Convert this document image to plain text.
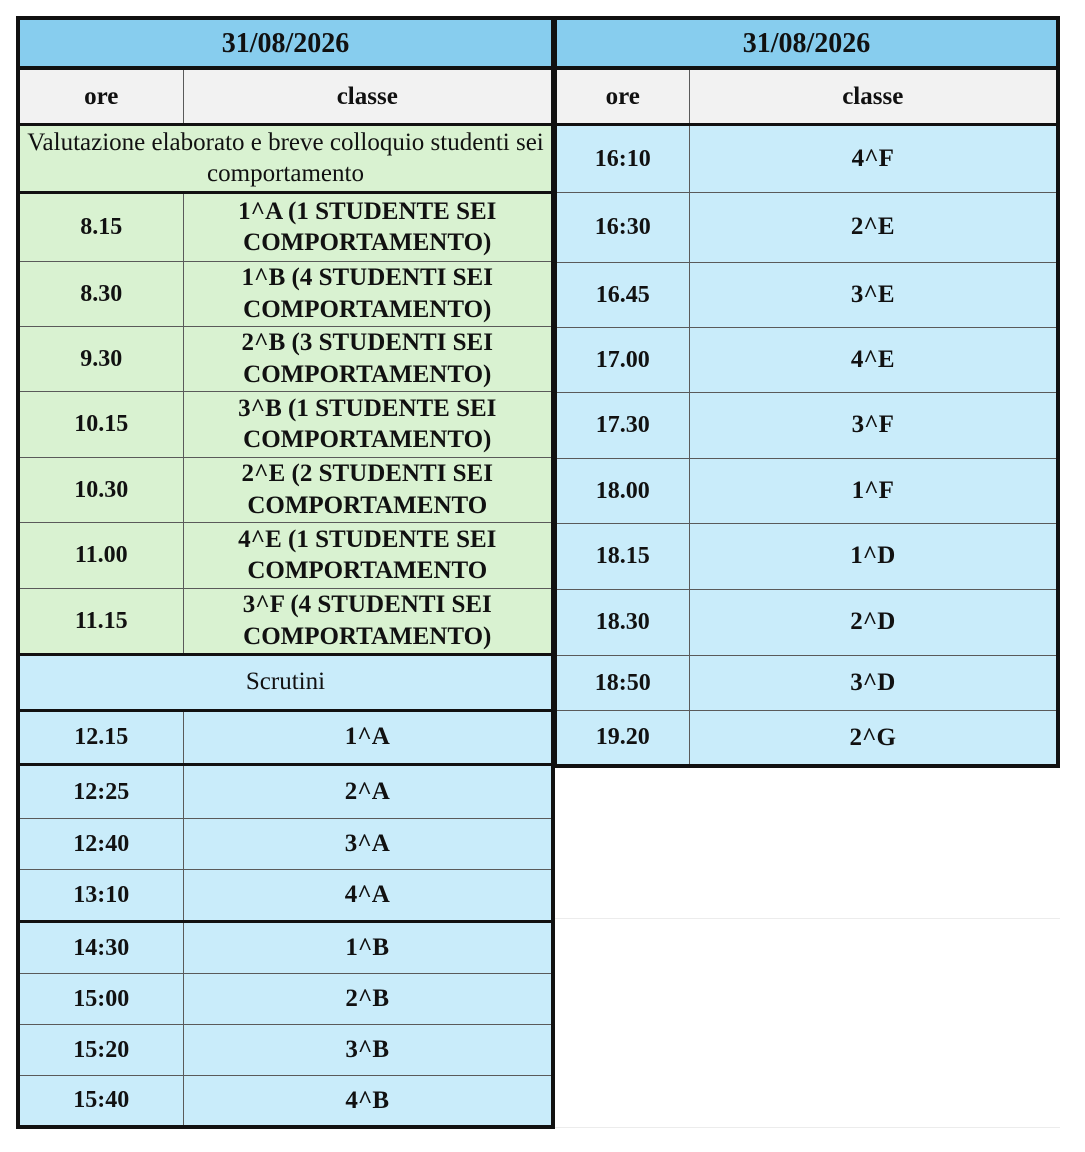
31/08/2026	
ore	classe
Valutazione elaborato e breve colloquio studenti sei comportamento	
8.15	1^A (1 STUDENTE SEI COMPORTAMENTO)
8.30	1^B (4 STUDENTI SEI COMPORTAMENTO)
9.30	2^B (3 STUDENTI SEI COMPORTAMENTO)
10.15	3^B (1 STUDENTE SEI COMPORTAMENTO)
10.30	2^E (2 STUDENTI SEI COMPORTAMENTO
11.00	4^E (1 STUDENTE SEI COMPORTAMENTO
11.15	3^F (4 STUDENTI SEI COMPORTAMENTO)
Scrutini	
12.15	1^A
12:25	2^A
12:40	3^A
13:10	4^A
14:30	1^B
15:00	2^B
15:20	3^B
15:40	4^B
31/08/2026	
ore	classe
16:10	4^F
16:30	2^E
16.45	3^E
17.00	4^E
17.30	3^F
18.00	1^F
18.15	1^D
18.30	2^D
18:50	3^D
19.20	2^G
